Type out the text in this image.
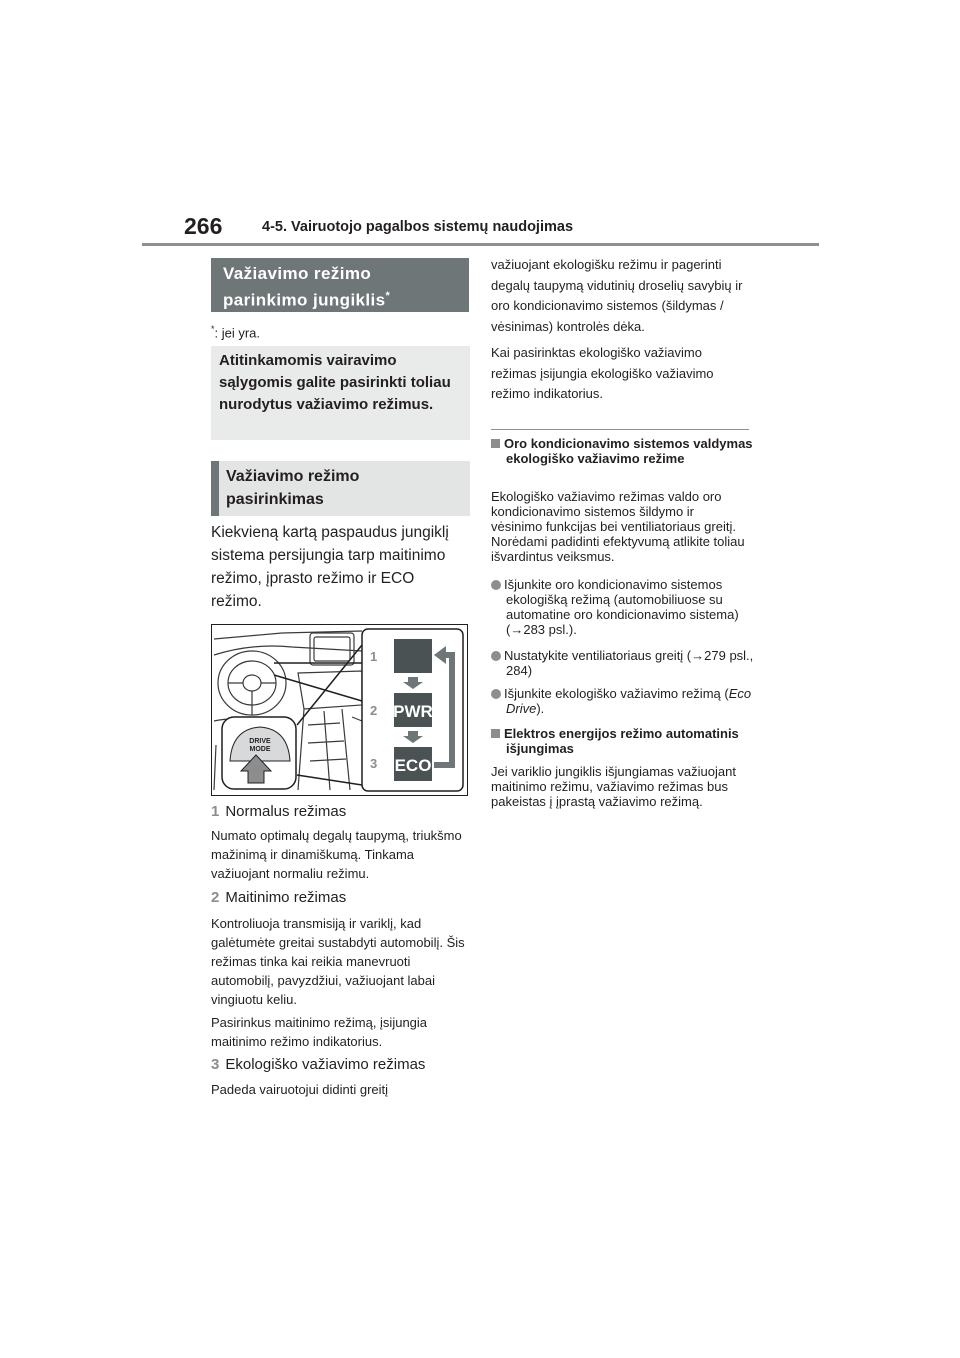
266	4-5. Vairuotojo pagalbos sistemų naudojimas
Važiavimo režimo
parinkimo jungiklis*
*: jei yra.
Atitinkamomis vairavimo sąlygomis galite pasirinkti toliau nurodytus važiavimo režimus.
Važiavimo režimo
pasirinkimas
Kiekvieną kartą paspaudus jungiklį sistema persijungia tarp maitinimo režimo, įprasto režimo ir ECO režimo.
PWR
ECO
1
2
3
DRIVE
MODE
1 Normalus režimas
Numato optimalų degalų taupymą, triukšmo mažinimą ir dinamiškumą. Tinkama važiuojant normaliu režimu.
2 Maitinimo režimas
Kontroliuoja transmisiją ir variklį, kad galėtumėte greitai sustabdyti automobilį. Šis režimas tinka kai reikia manevruoti automobilį, pavyzdžiui, važiuojant labai vingiuotu keliu.
Pasirinkus maitinimo režimą, įsijungia maitinimo režimo indikatorius.
3 Ekologiško važiavimo režimas
Padeda vairuotojui didinti greitį
važiuojant ekologišku režimu ir pagerinti degalų taupymą vidutinių droselių savybių ir oro kondicionavimo sistemos (šildymas / vėsinimas) kontrolės dėka.
Kai pasirinktas ekologiško važiavimo režimas įsijungia ekologiško važiavimo režimo indikatorius.
Oro kondicionavimo sistemos valdymas ekologiško važiavimo režime
Ekologiško važiavimo režimas valdo oro kondicionavimo sistemos šildymo ir vėsinimo funkcijas bei ventiliatoriaus greitį. Norėdami padidinti efektyvumą atlikite toliau išvardintus veiksmus.
Išjunkite oro kondicionavimo sistemos ekologišką režimą (automobiliuose su automatine oro kondicionavimo sistema) (→283 psl.).
Nustatykite ventiliatoriaus greitį (→279 psl., 284)
Išjunkite ekologiško važiavimo režimą (Eco Drive).
Elektros energijos režimo automatinis išjungimas
Jei variklio jungiklis išjungiamas važiuojant maitinimo režimu, važiavimo režimas bus pakeistas į įprastą važiavimo režimą.
